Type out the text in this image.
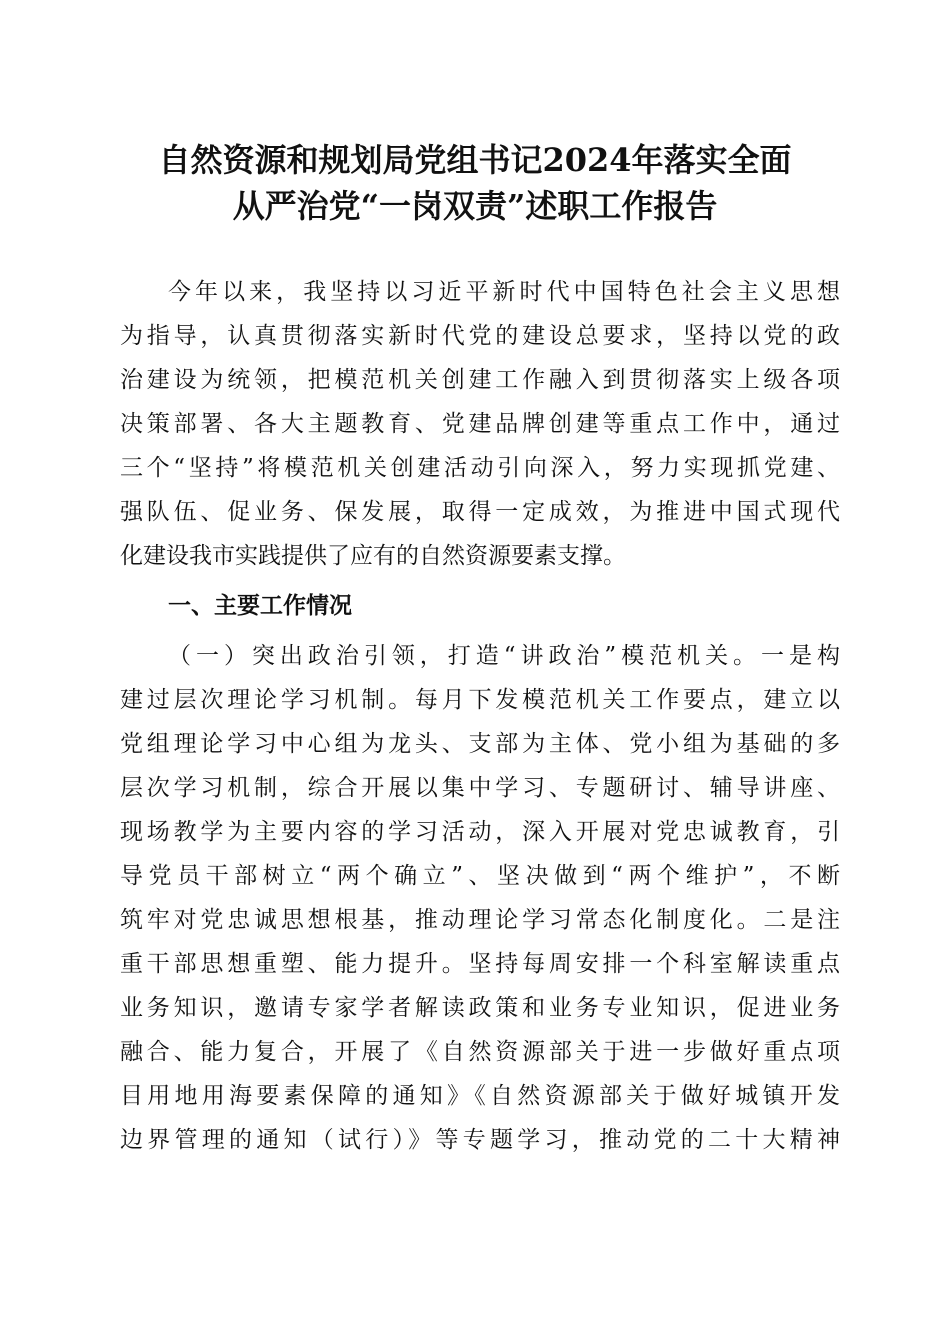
自然资源和规划局党组书记2024年落实全面
从严治党“一岗双责”述职工作报告
今年以来，我坚持以习近平新时代中国特色社会主义思想
为指导，认真贯彻落实新时代党的建设总要求，坚持以党的政
治建设为统领，把模范机关创建工作融入到贯彻落实上级各项
决策部署、各大主题教育、党建品牌创建等重点工作中，通过
三个“坚持”将模范机关创建活动引向深入，努力实现抓党建、
强队伍、促业务、保发展，取得一定成效，为推进中国式现代
化建设我市实践提供了应有的自然资源要素支撑。
一、主要工作情况
（一）突出政治引领，打造“讲政治”模范机关。一是构
建过层次理论学习机制。每月下发模范机关工作要点，建立以
党组理论学习中心组为龙头、支部为主体、党小组为基础的多
层次学习机制，综合开展以集中学习、专题研讨、辅导讲座、
现场教学为主要内容的学习活动，深入开展对党忠诚教育，引
导党员干部树立“两个确立”、坚决做到“两个维护”，不断
筑牢对党忠诚思想根基，推动理论学习常态化制度化。二是注
重干部思想重塑、能力提升。坚持每周安排一个科室解读重点
业务知识，邀请专家学者解读政策和业务专业知识，促进业务
融合、能力复合，开展了《自然资源部关于进一步做好重点项
目用地用海要素保障的通知》《自然资源部关于做好城镇开发
边界管理的通知（试行）》等专题学习，推动党的二十大精神
